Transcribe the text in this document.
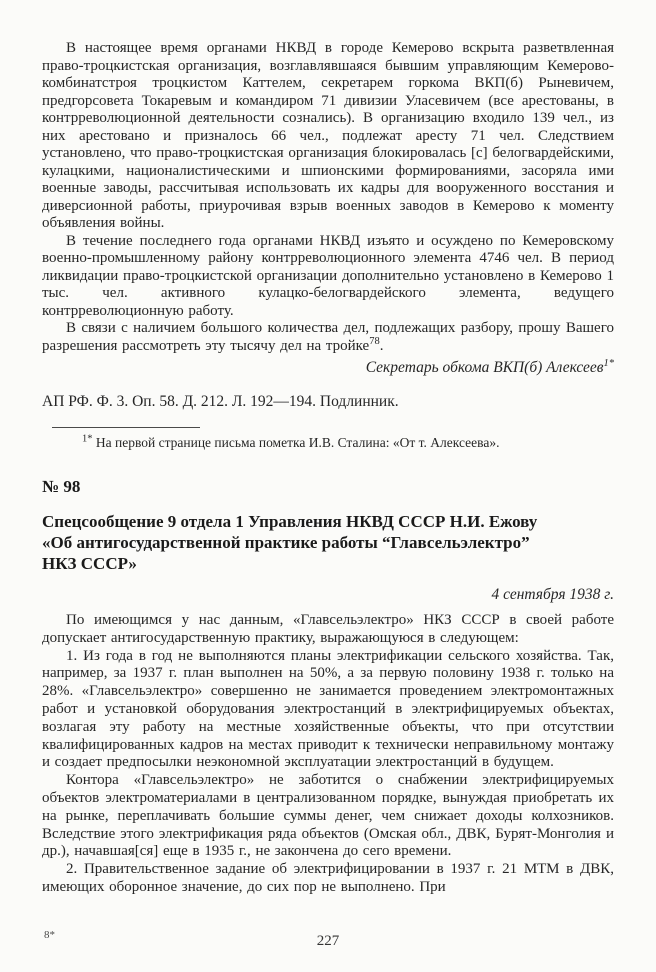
В настоящее время органами НКВД в городе Кемерово вскрыта разветвленная право-троцкистская организация, возглавлявшаяся бывшим управляющим Кемерово-комбинатстроя троцкистом Каттелем, секретарем горкома ВКП(б) Рыневичем, предгорсовета Токаревым и командиром 71 дивизии Уласевичем (все арестованы, в контрреволюционной деятельности сознались). В организацию входило 139 чел., из них арестовано и призналось 66 чел., подлежат аресту 71 чел. Следствием установлено, что право-троцкистская организация блокировалась [с] белогвардейскими, кулацкими, националистическими и шпионскими формированиями, засоряла ими военные заводы, рассчитывая использовать их кадры для вооруженного восстания и диверсионной работы, приурочивая взрыв военных заводов в Кемерово к моменту объявления войны.

В течение последнего года органами НКВД изъято и осуждено по Кемеровскому военно-промышленному району контрреволюционного элемента 4746 чел. В период ликвидации право-троцкистской организации дополнительно установлено в Кемерово 1 тыс. чел. активного кулацко-белогвардейского элемента, ведущего контрреволюционную работу.

В связи с наличием большого количества дел, подлежащих разбору, прошу Вашего разрешения рассмотреть эту тысячу дел на тройке$^{78}$.

Секретарь обкома ВКП(б) Алексеев$^{1*}$
АП РФ. Ф. 3. Оп. 58. Д. 212. Л. 192—194. Подлинник.
$^{1*}$ На первой странице письма пометка И.В. Сталина: «От т. Алексеева».
№ 98
Спецсообщение 9 отдела 1 Управления НКВД СССР Н.И. Ежову «Об антигосударственной практике работы “Главсельэлектро” НКЗ СССР»
4 сентября 1938 г.

По имеющимся у нас данным, «Главсельэлектро» НКЗ СССР в своей работе допускает антигосударственную практику, выражающуюся в следующем:

1. Из года в год не выполняются планы электрификации сельского хозяйства. Так, например, за 1937 г. план выполнен на 50%, а за первую половину 1938 г. только на 28%. «Главсельэлектро» совершенно не занимается проведением электромонтажных работ и установкой оборудования электростанций в электрифицируемых объектах, возлагая эту работу на местные хозяйственные объекты, что при отсутствии квалифицированных кадров на местах приводит к технически неправильному монтажу и создает предпосылки неэкономной эксплуатации электростанций в будущем.

Контора «Главсельэлектро» не заботится о снабжении электрифицируемых объектов электроматериалами в централизованном порядке, вынуждая приобретать их на рынке, переплачивать большие суммы денег, чем снижает доходы колхозников. Вследствие этого электрификация ряда объектов (Омская обл., ДВК, Бурят-Монголия и др.), начавшая[ся] еще в 1935 г., не закончена до сего времени.

2. Правительственное задание об электрифицировании в 1937 г. 21 МТМ в ДВК, имеющих оборонное значение, до сих пор не выполнено. При

8*	227
